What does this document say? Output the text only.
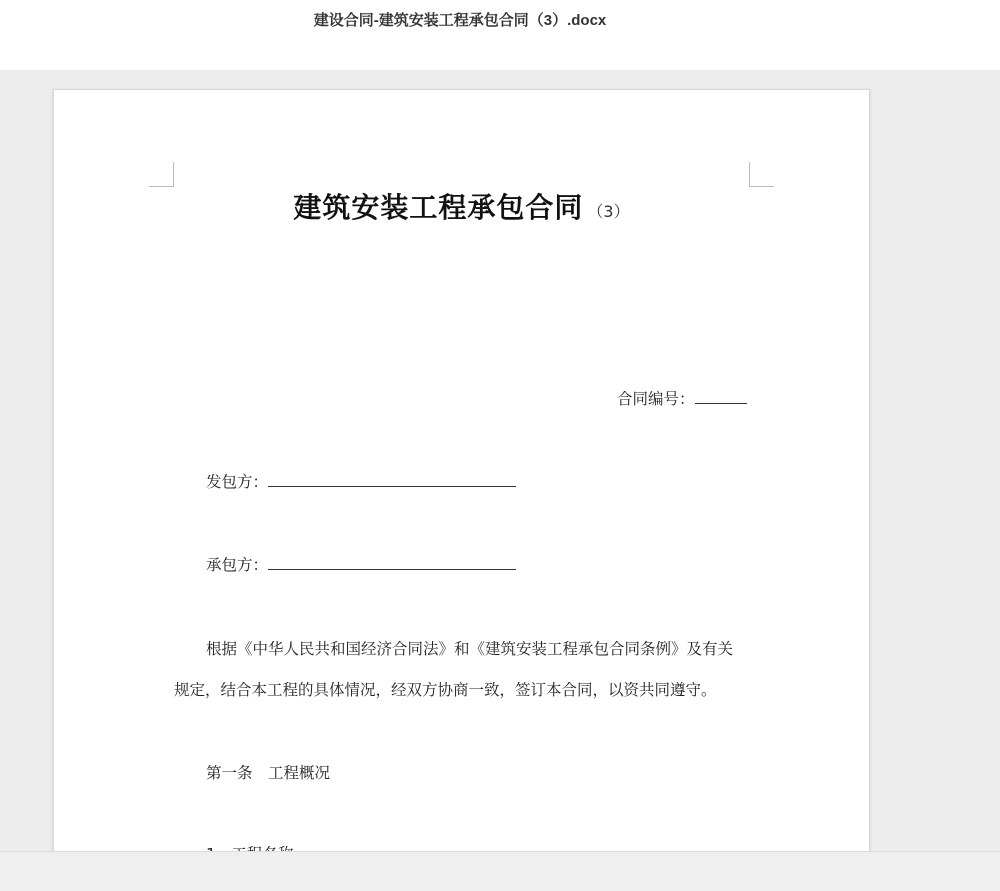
建设合同-建筑安装工程承包合同（3）.docx
建筑安装工程承包合同 （3）
合同编号：
发包方：
承包方：
根据《中华人民共和国经济合同法》和《建筑安装工程承包合同条例》及有关
规定，结合本工程的具体情况，经双方协商一致，签订本合同，以资共同遵守。
第一条　工程概况
